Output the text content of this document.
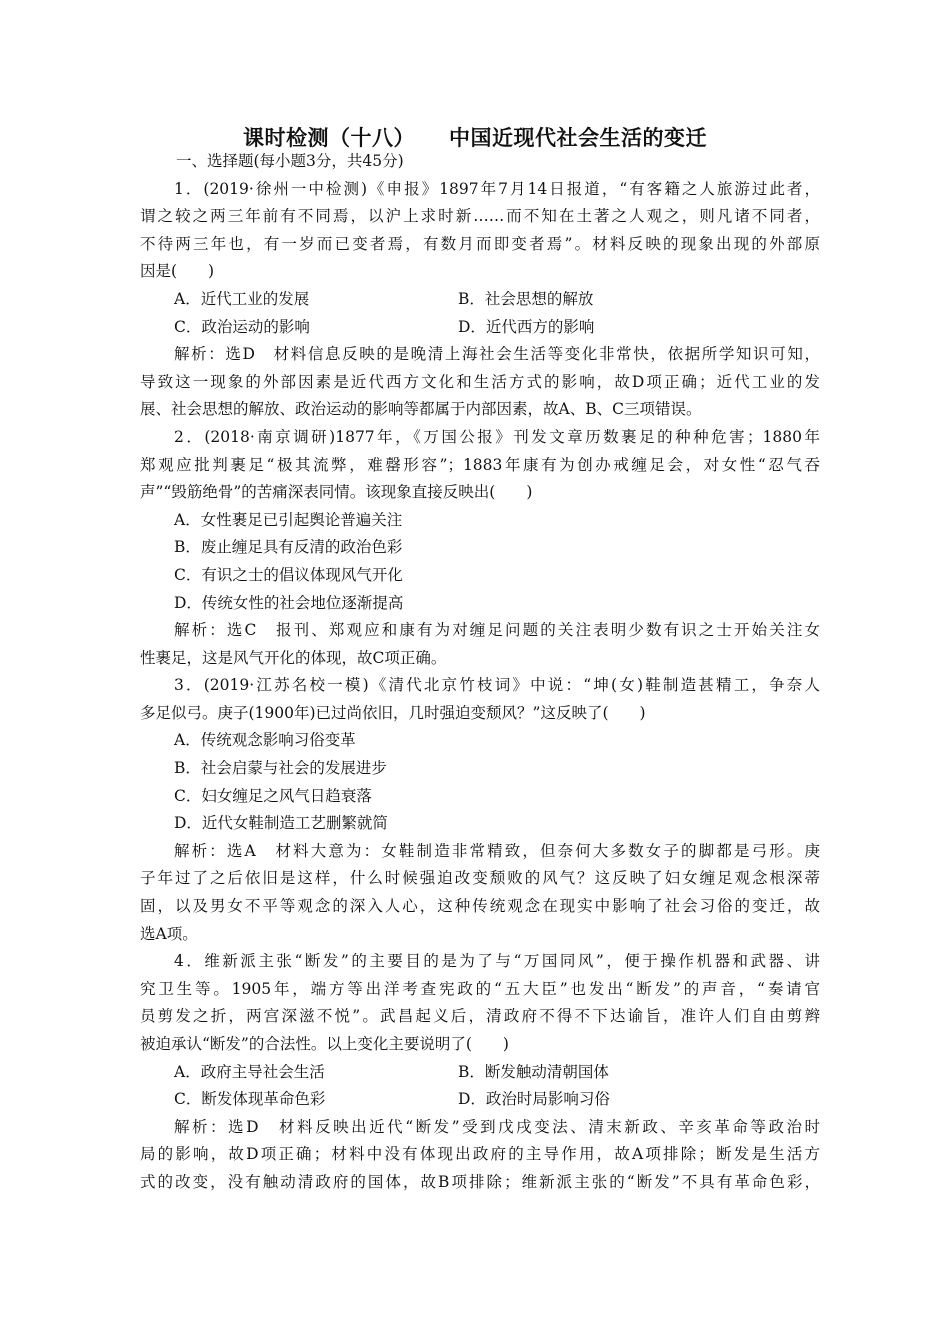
课时检测（十八） 中国近现代社会生活的变迁
一、选择题(每小题3分，共45分)
1．(2019·徐州一中检测)《申报》1897年7月14日报道，“有客籍之人旅游过此者，
谓之较之两三年前有不同焉，以沪上求时新……而不知在土著之人观之，则凡诸不同者，
不待两三年也，有一岁而已变者焉，有数月而即变者焉”。材料反映的现象出现的外部原
因是(　　)
A．近代工业的发展	B．社会思想的解放
C．政治运动的影响	D．近代西方的影响
解析：选D　材料信息反映的是晚清上海社会生活等变化非常快，依据所学知识可知，
导致这一现象的外部因素是近代西方文化和生活方式的影响，故D项正确；近代工业的发
展、社会思想的解放、政治运动的影响等都属于内部因素，故A、B、C三项错误。
2．(2018·南京调研)1877年，《万国公报》刊发文章历数裹足的种种危害；1880年
郑观应批判裹足“极其流弊，难罄形容”；1883年康有为创办戒缠足会，对女性“忍气吞
声”“毁筋绝骨”的苦痛深表同情。该现象直接反映出(　　)
A．女性裹足已引起舆论普遍关注
B．废止缠足具有反清的政治色彩
C．有识之士的倡议体现风气开化
D．传统女性的社会地位逐渐提高
解析：选C　报刊、郑观应和康有为对缠足问题的关注表明少数有识之士开始关注女
性裹足，这是风气开化的体现，故C项正确。
3．(2019·江苏名校一模)《清代北京竹枝词》中说：“坤(女)鞋制造甚精工，争奈人
多足似弓。庚子(1900年)已过尚依旧，几时强迫变颓风？”这反映了(　　)
A．传统观念影响习俗变革
B．社会启蒙与社会的发展进步
C．妇女缠足之风气日趋衰落
D．近代女鞋制造工艺删繁就简
解析：选A　材料大意为：女鞋制造非常精致，但奈何大多数女子的脚都是弓形。庚
子年过了之后依旧是这样，什么时候强迫改变颓败的风气？这反映了妇女缠足观念根深蒂
固，以及男女不平等观念的深入人心，这种传统观念在现实中影响了社会习俗的变迁，故
选A项。
4．维新派主张“断发”的主要目的是为了与“万国同风”，便于操作机器和武器、讲
究卫生等。1905年，端方等出洋考查宪政的“五大臣”也发出“断发”的声音，“奏请官
员剪发之折，两宫深滋不悦”。武昌起义后，清政府不得不下达谕旨，准许人们自由剪辫
被迫承认“断发”的合法性。以上变化主要说明了(　　)
A．政府主导社会生活	B．断发触动清朝国体
C．断发体现革命色彩	D．政治时局影响习俗
解析：选D　材料反映出近代“断发”受到戊戌变法、清末新政、辛亥革命等政治时
局的影响，故D项正确；材料中没有体现出政府的主导作用，故A项排除；断发是生活方
式的改变，没有触动清政府的国体，故B项排除；维新派主张的“断发”不具有革命色彩，
